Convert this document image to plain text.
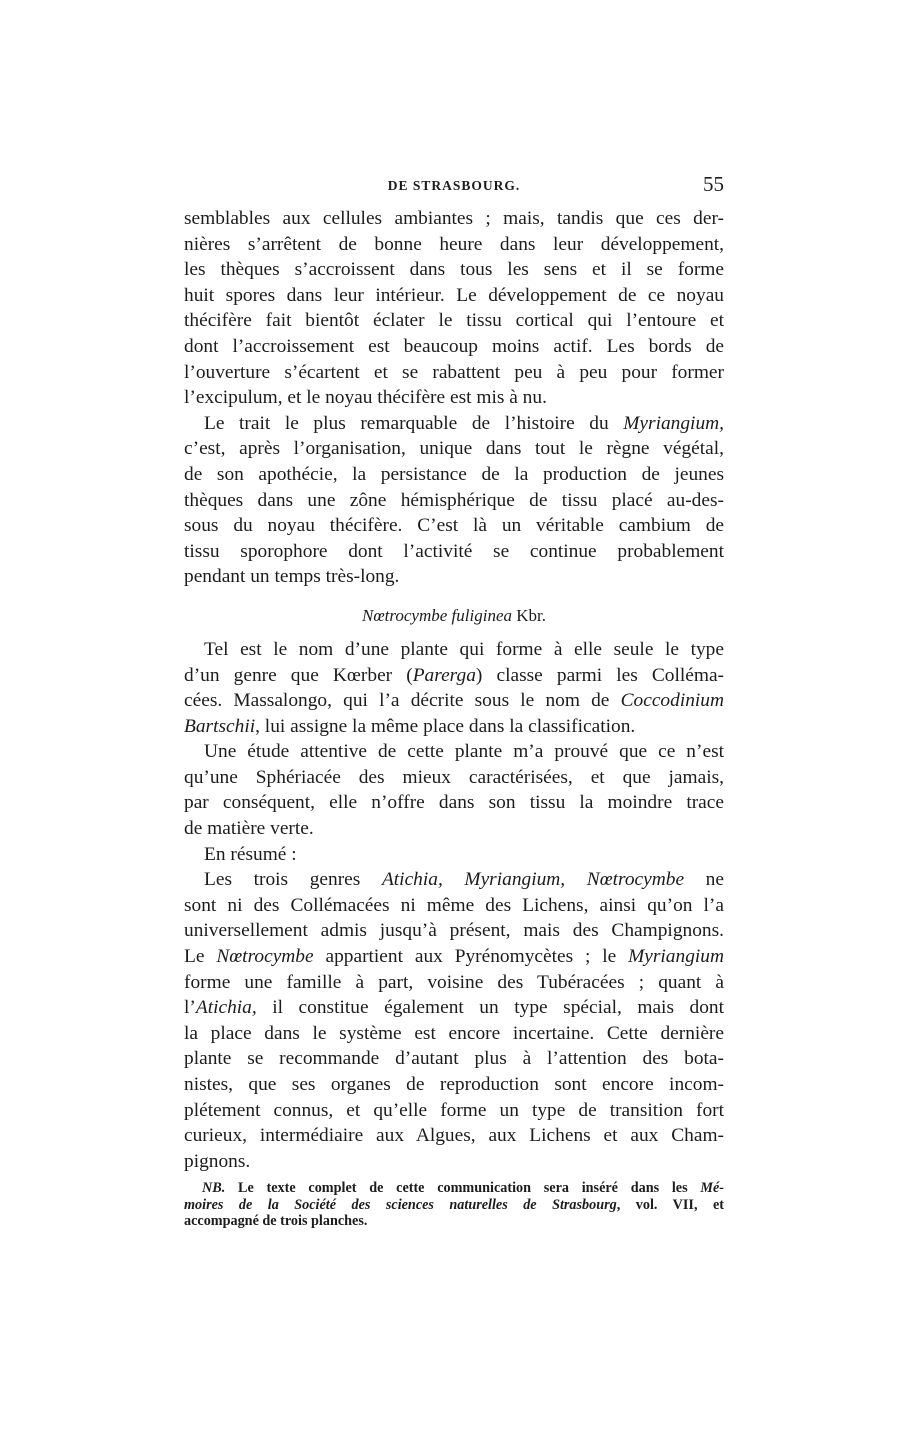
DE STRASBOURG.	55
semblables aux cellules ambiantes ; mais, tandis que ces der-
nières s’arrêtent de bonne heure dans leur développement,
les thèques s’accroissent dans tous les sens et il se forme
huit spores dans leur intérieur. Le développement de ce noyau
thécifère fait bientôt éclater le tissu cortical qui l’entoure et
dont l’accroissement est beaucoup moins actif. Les bords de
l’ouverture s’écartent et se rabattent peu à peu pour former
l’excipulum, et le noyau thécifère est mis à nu.
Le trait le plus remarquable de l’histoire du Myriangium,
c’est, après l’organisation, unique dans tout le règne végétal,
de son apothécie, la persistance de la production de jeunes
thèques dans une zône hémisphérique de tissu placé au-des-
sous du noyau thécifère. C’est là un véritable cambium de
tissu sporophore dont l’activité se continue probablement
pendant un temps très-long.
Nœtrocymbe fuliginea Kbr.
Tel est le nom d’une plante qui forme à elle seule le type
d’un genre que Kœrber (Parerga) classe parmi les Colléma-
cées. Massalongo, qui l’a décrite sous le nom de Coccodinium
Bartschii, lui assigne la même place dans la classification.
Une étude attentive de cette plante m’a prouvé que ce n’est
qu’une Sphériacée des mieux caractérisées, et que jamais,
par conséquent, elle n’offre dans son tissu la moindre trace
de matière verte.
En résumé :
Les trois genres Atichia, Myriangium, Nœtrocymbe ne
sont ni des Collémacées ni même des Lichens, ainsi qu’on l’a
universellement admis jusqu’à présent, mais des Champignons.
Le Nœtrocymbe appartient aux Pyrénomycètes ; le Myriangium
forme une famille à part, voisine des Tubéracées ; quant à
l’Atichia, il constitue également un type spécial, mais dont
la place dans le système est encore incertaine. Cette dernière
plante se recommande d’autant plus à l’attention des bota-
nistes, que ses organes de reproduction sont encore incom-
plétement connus, et qu’elle forme un type de transition fort
curieux, intermédiaire aux Algues, aux Lichens et aux Cham-
pignons.
NB. Le texte complet de cette communication sera inséré dans les Mé-
moires de la Société des sciences naturelles de Strasbourg, vol. VII, et
accompagné de trois planches.
